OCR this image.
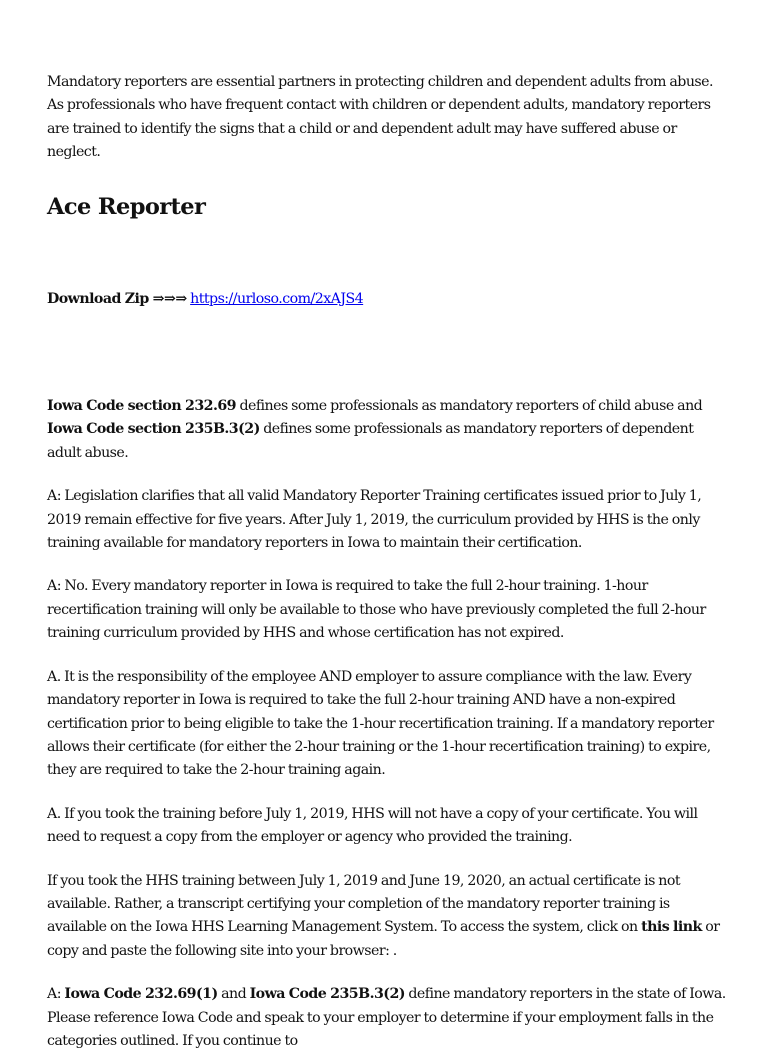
Mandatory reporters are essential partners in protecting children and dependent adults from abuse. As professionals who have frequent contact with children or dependent adults, mandatory reporters are trained to identify the signs that a child or and dependent adult may have suffered abuse or neglect.

Ace Reporter

Download Zip ⇒⇒⇒ https://urloso.com/2xAJS4

Iowa Code section 232.69 defines some professionals as mandatory reporters of child abuse and Iowa Code section 235B.3(2) defines some professionals as mandatory reporters of dependent adult abuse.

A: Legislation clarifies that all valid Mandatory Reporter Training certificates issued prior to July 1, 2019 remain effective for five years. After July 1, 2019, the curriculum provided by HHS is the only training available for mandatory reporters in Iowa to maintain their certification.

A: No. Every mandatory reporter in Iowa is required to take the full 2-hour training. 1-hour recertification training will only be available to those who have previously completed the full 2-hour training curriculum provided by HHS and whose certification has not expired.

A. It is the responsibility of the employee AND employer to assure compliance with the law. Every mandatory reporter in Iowa is required to take the full 2-hour training AND have a non-expired certification prior to being eligible to take the 1-hour recertification training. If a mandatory reporter allows their certificate (for either the 2-hour training or the 1-hour recertification training) to expire, they are required to take the 2-hour training again.

A. If you took the training before July 1, 2019, HHS will not have a copy of your certificate. You will need to request a copy from the employer or agency who provided the training.

If you took the HHS training between July 1, 2019 and June 19, 2020, an actual certificate is not available. Rather, a transcript certifying your completion of the mandatory reporter training is available on the Iowa HHS Learning Management System. To access the system, click on this link or copy and paste the following site into your browser: .

A: Iowa Code 232.69(1) and Iowa Code 235B.3(2) define mandatory reporters in the state of Iowa. Please reference Iowa Code and speak to your employer to determine if your employment falls in the categories outlined. If you continue to
